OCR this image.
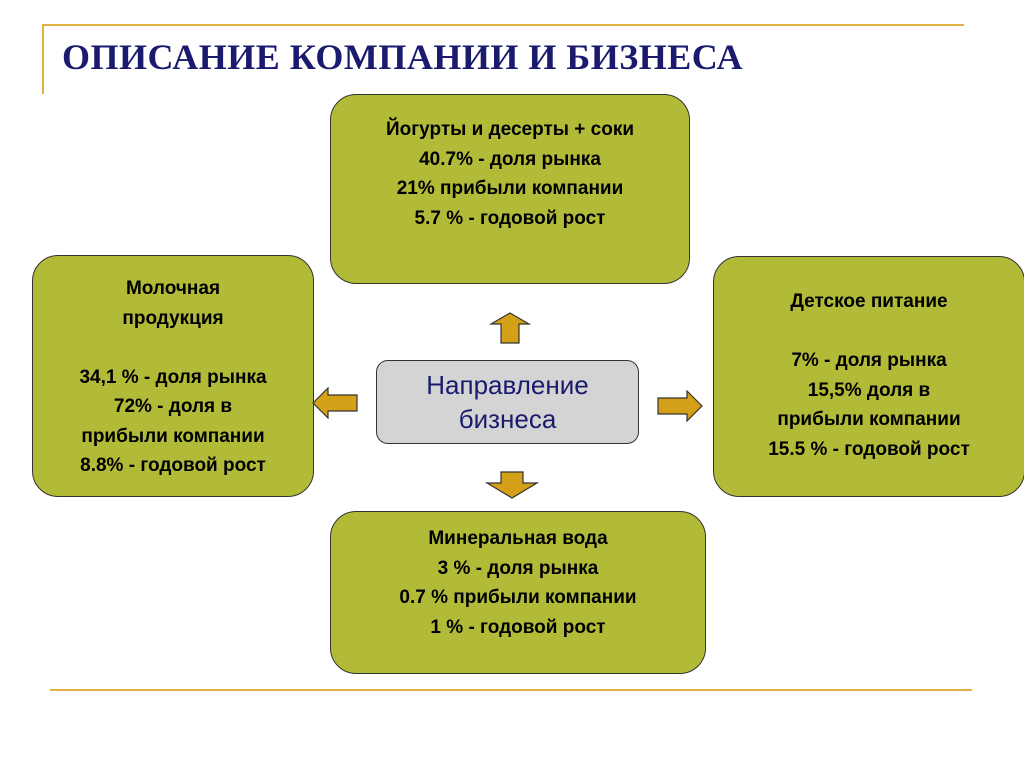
ОПИСАНИЕ КОМПАНИИ И БИЗНЕСА
Йогурты и десерты + соки
40.7% - доля рынка
21% прибыли компании
5.7 % - годовой рост
Молочная
продукция
34,1 % - доля рынка
72% - доля в
прибыли компании
8.8% - годовой рост
Детское питание
7% - доля рынка
15,5% доля в
прибыли компании
15.5 % - годовой рост
Минеральная вода
3 % - доля рынка
0.7 % прибыли компании
1 % - годовой рост
Направление
бизнеса
